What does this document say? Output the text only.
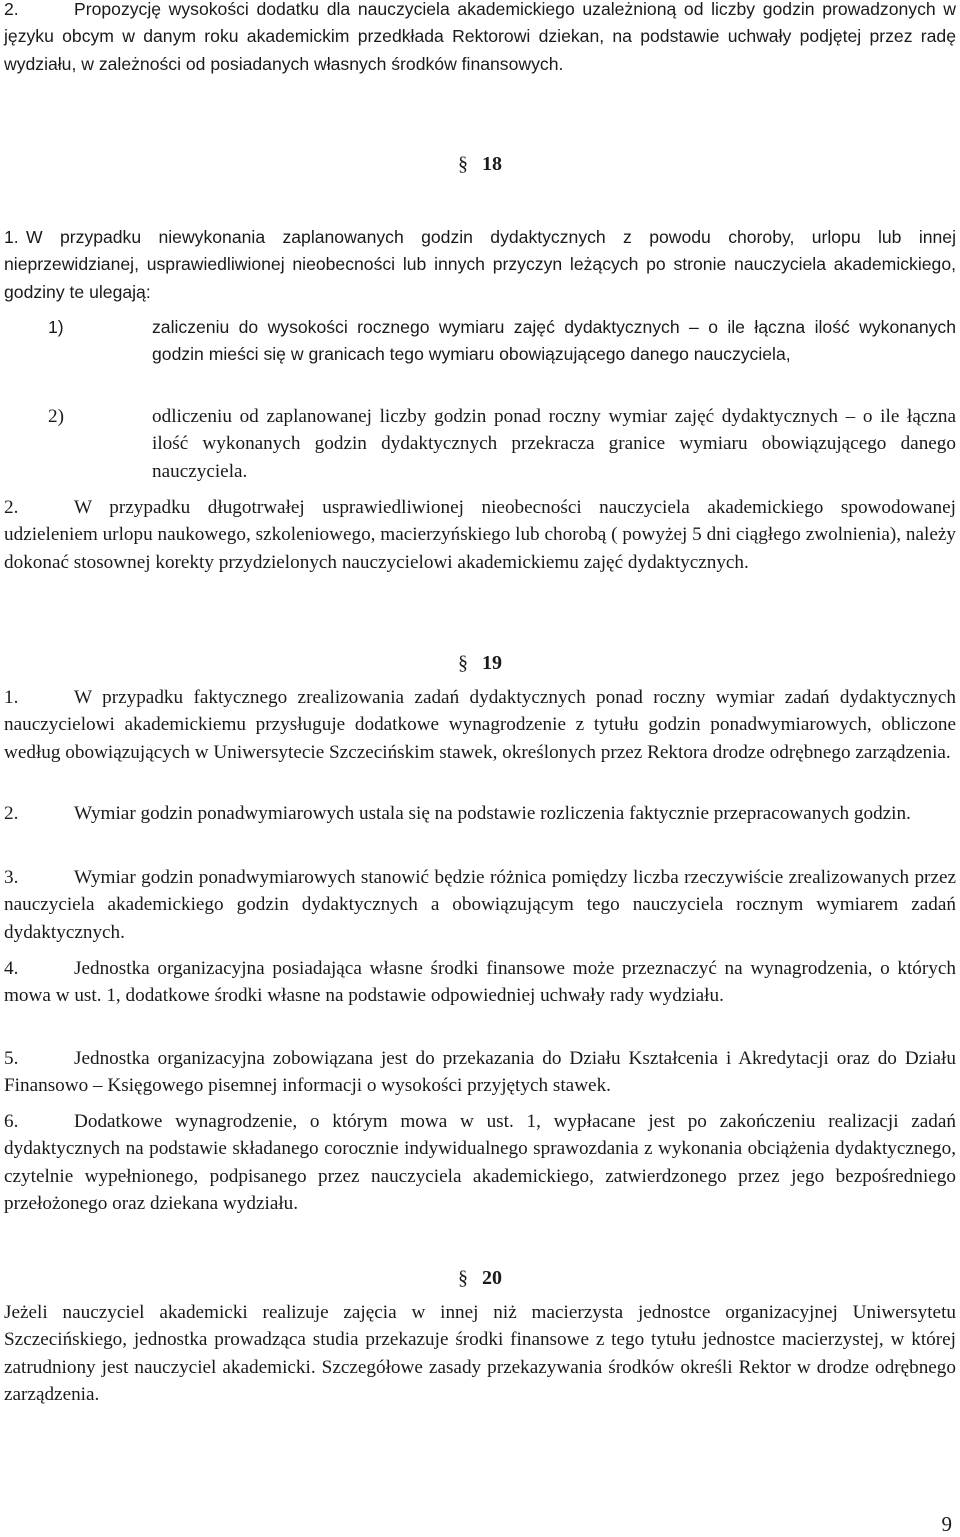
2.	Propozycję wysokości dodatku dla nauczyciela akademickiego uzależnioną od liczby godzin prowadzonych w języku obcym w danym roku akademickim przedkłada Rektorowi dziekan, na podstawie uchwały podjętej przez radę wydziału, w zależności od posiadanych własnych środków finansowych.

§ 18

1. W przypadku niewykonania zaplanowanych godzin dydaktycznych z powodu choroby, urlopu lub innej nieprzewidzianej, usprawiedliwionej nieobecności lub innych przyczyn leżących po stronie nauczyciela akademickiego, godziny te ulegają:

1)	zaliczeniu do wysokości rocznego wymiaru zajęć dydaktycznych – o ile łączna ilość wykonanych godzin mieści się w granicach tego wymiaru obowiązującego danego nauczyciela,

2)	odliczeniu od zaplanowanej liczby godzin ponad roczny wymiar zajęć dydaktycznych – o ile łączna ilość wykonanych godzin dydaktycznych przekracza granice wymiaru obowiązującego danego nauczyciela.

2.	W przypadku długotrwałej usprawiedliwionej nieobecności nauczyciela akademickiego spowodowanej udzieleniem urlopu naukowego, szkoleniowego, macierzyńskiego lub chorobą ( powyżej 5 dni ciągłego zwolnienia), należy dokonać stosownej korekty przydzielonych nauczycielowi akademickiemu zajęć dydaktycznych.

§ 19

1.	W przypadku faktycznego zrealizowania zadań dydaktycznych ponad roczny wymiar zadań dydaktycznych nauczycielowi akademickiemu przysługuje dodatkowe wynagrodzenie z tytułu godzin ponadwymiarowych, obliczone według obowiązujących w Uniwersytecie Szczecińskim stawek, określonych przez Rektora drodze odrębnego zarządzenia.

2.	Wymiar godzin ponadwymiarowych ustala się na podstawie rozliczenia faktycznie przepracowanych godzin.

3.	Wymiar godzin ponadwymiarowych stanowić będzie różnica pomiędzy liczba rzeczywiście zrealizowanych przez nauczyciela akademickiego godzin dydaktycznych a obowiązującym tego nauczyciela rocznym wymiarem zadań dydaktycznych.

4.	Jednostka organizacyjna posiadająca własne środki finansowe może przeznaczyć na wynagrodzenia, o których mowa w ust. 1, dodatkowe środki własne na podstawie odpowiedniej uchwały rady wydziału.

5.	Jednostka organizacyjna zobowiązana jest do przekazania do Działu Kształcenia i Akredytacji oraz do Działu Finansowo – Księgowego pisemnej informacji o wysokości przyjętych stawek.

6.	Dodatkowe wynagrodzenie, o którym mowa w ust. 1, wypłacane jest po zakończeniu realizacji zadań dydaktycznych na podstawie składanego corocznie indywidualnego sprawozdania z wykonania obciążenia dydaktycznego, czytelnie wypełnionego, podpisanego przez nauczyciela akademickiego, zatwierdzonego przez jego bezpośredniego przełożonego oraz dziekana wydziału.

§ 20

Jeżeli nauczyciel akademicki realizuje zajęcia w innej niż macierzysta jednostce organizacyjnej Uniwersytetu Szczecińskiego, jednostka prowadząca studia przekazuje środki finansowe z tego tytułu jednostce macierzystej, w której zatrudniony jest nauczyciel akademicki. Szczegółowe zasady przekazywania środków określi Rektor w drodze odrębnego zarządzenia.

9
